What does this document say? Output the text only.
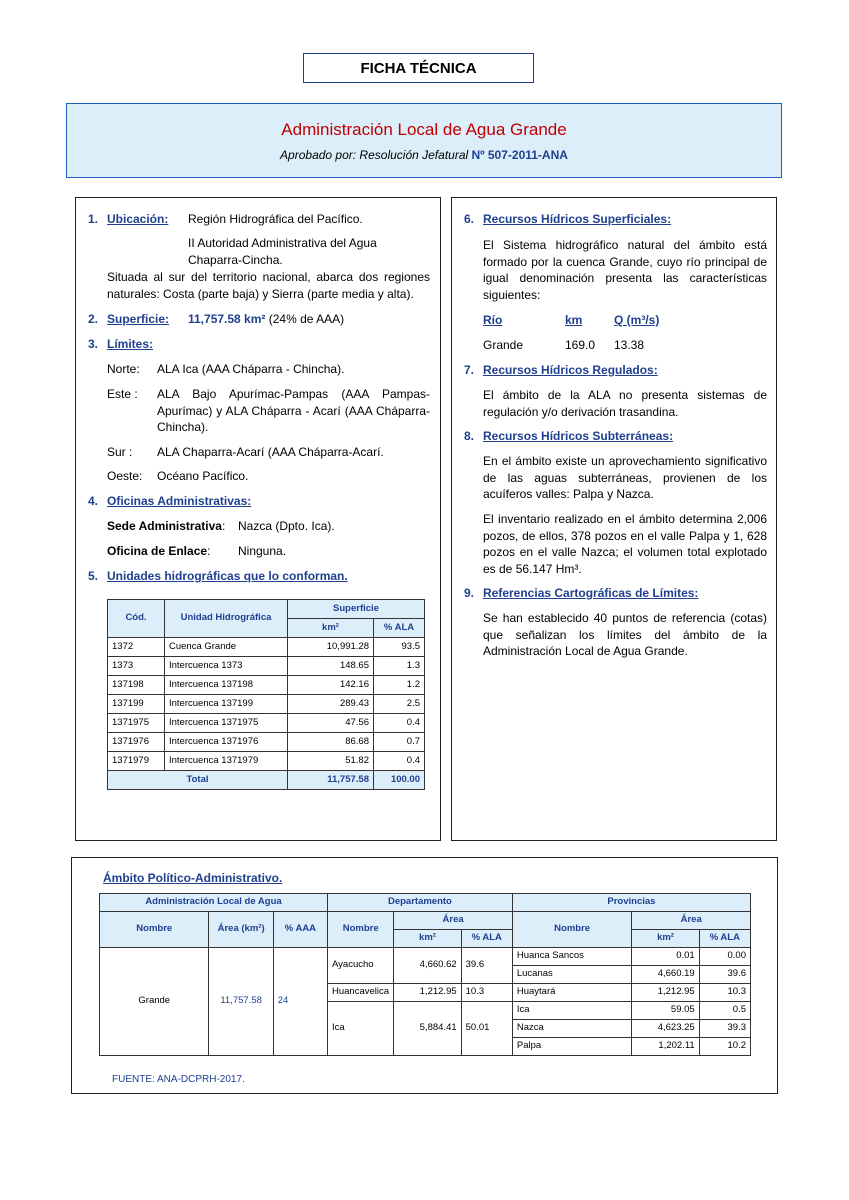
FICHA TÉCNICA
Administración Local de Agua Grande
Aprobado por: Resolución Jefatural Nº 507-2011-ANA
1. Ubicación: Región Hidrográfica del Pacífico.
II Autoridad Administrativa del Agua Chaparra-Cincha.
Situada al sur del territorio nacional, abarca dos regiones naturales: Costa (parte baja) y Sierra (parte media y alta).
2. Superficie: 11,757.58 km² (24% de AAA)
3. Límites:
Norte:	ALA Ica (AAA Cháparra - Chincha).
Este :	ALA Bajo Apurímac-Pampas (AAA Pampas-Apurímac) y ALA Cháparra - Acarí (AAA Cháparra-Chincha).
Sur :	ALA Chaparra-Acarí (AAA Cháparra-Acarí.
Oeste:	Océano Pacífico.
4. Oficinas Administrativas:
Sede Administrativa:	Nazca (Dpto. Ica).
Oficina de Enlace:	Ninguna.
5. Unidades hidrográficas que lo conforman.
Cód.	Unidad Hidrográfica	Superficie	
		km²	% ALA
1372	Cuenca Grande	10,991.28	93.5
1373	Intercuenca 1373	148.65	1.3
137198	Intercuenca 137198	142.16	1.2
137199	Intercuenca 137199	289.43	2.5
1371975	Intercuenca 1371975	47.56	0.4
1371976	Intercuenca 1371976	86.68	0.7
1371979	Intercuenca 1371979	51.82	0.4
Total		11,757.58	100.00
6. Recursos Hídricos Superficiales:
El Sistema hidrográfico natural del ámbito está formado por la cuenca Grande, cuyo río principal de igual denominación presenta las características siguientes:
Río	km	Q (m³/s)
Grande	169.0 13.38
7. Recursos Hídricos Regulados:
El ámbito de la ALA no presenta sistemas de regulación y/o derivación trasandina.
8. Recursos Hídricos Subterráneas:
En el ámbito existe un aprovechamiento significativo de las aguas subterráneas, provienen de los acuíferos valles: Palpa y Nazca.
El inventario realizado en el ámbito determina 2,006 pozos, de ellos, 378 pozos en el valle Palpa y 1, 628 pozos en el valle Nazca; el volumen total explotado es de 56.147 Hm³.
9. Referencias Cartográficas de Límites:
Se han establecido 40 puntos de referencia (cotas) que señalizan los límites del ámbito de la Administración Local de Agua Grande.
Ámbito Político-Administrativo.
Administración Local de Agua			Departamento			Provincias		
Nombre	Área (km²)	% AAA	Nombre	Área		Nombre	Área	
				km²	% ALA		km²	% ALA
Grande	11,757.58	24	Ayacucho	4,660.62	39.6	Huanca Sancos	0.01	0.00
						Lucanas	4,660.19	39.6
			Huancavelica	1,212.95	10.3	Huaytará	1,212.95	10.3
			Ica	5,884.41	50.01	Ica	59.05	0.5
						Nazca	4,623.25	39.3
						Palpa	1,202.11	10.2
FUENTE: ANA-DCPRH-2017.
